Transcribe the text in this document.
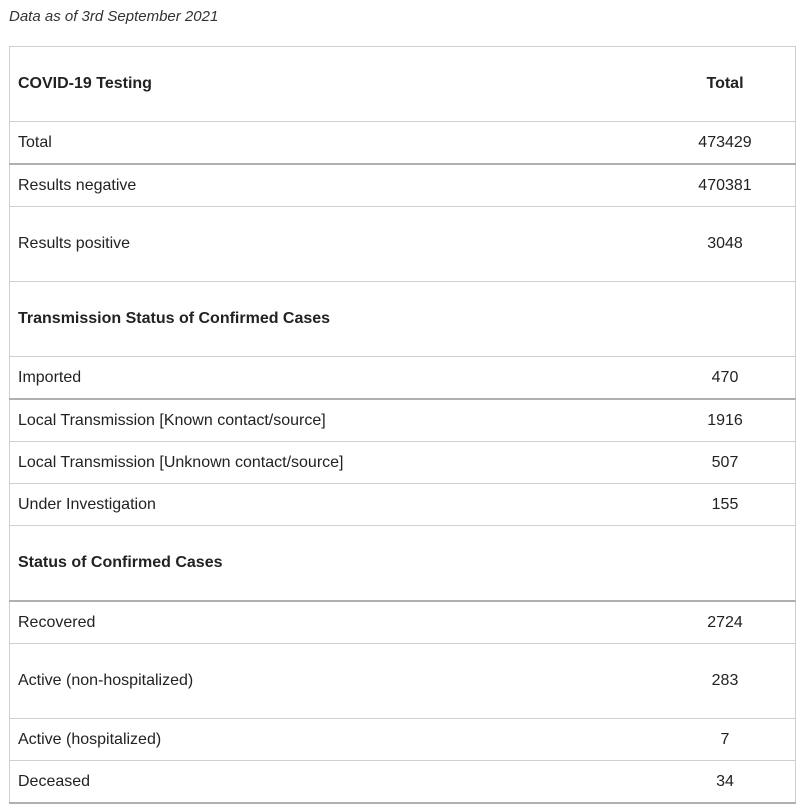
Data as of 3rd September 2021
COVID-19 Testing	Total
Total	473429
Results negative	470381
Results positive	3048
Transmission Status of Confirmed Cases	
Imported	470
Local Transmission [Known contact/source]	1916
Local Transmission [Unknown contact/source]	507
Under Investigation	155
Status of Confirmed Cases	
Recovered	2724
Active (non-hospitalized)	283
Active (hospitalized)	7
Deceased	34
